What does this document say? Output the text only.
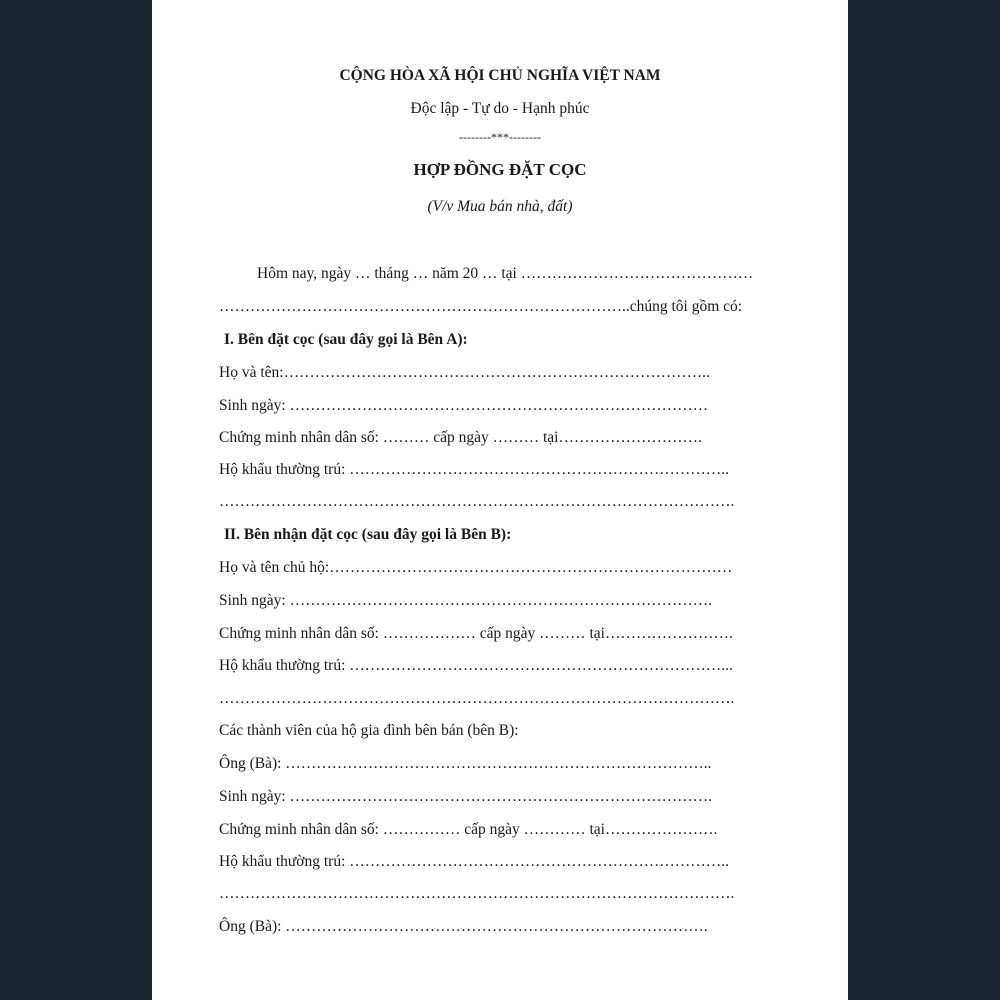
CỘNG HÒA XÃ HỘI CHỦ NGHĨA VIỆT NAM
Độc lập - Tự do - Hạnh phúc
--------***--------
HỢP ĐỒNG ĐẶT CỌC
(V/v Mua bán nhà, đất)
Hôm nay, ngày … tháng … năm 20 … tại ………………………………………
……………………………………………………………………..chúng tôi gồm có:
I. Bên đặt cọc (sau đây gọi là Bên A):
Họ và tên:………………………………………………………………………..
Sinh ngày: ………………………………………………………………………
Chứng minh nhân dân số: ……… cấp ngày ……… tại……………………….
Hộ khẩu thường trú: ………………………………………………………………..
……………………………………………………………………………………….
II. Bên nhận đặt cọc (sau đây gọi là Bên B):
Họ và tên chủ hộ:……………………………………………………………………
Sinh ngày: ……………………………………………………………………….
Chứng minh nhân dân số: ……………… cấp ngày ……… tại…………………….
Hộ khẩu thường trú: ………………………………………………………………...
……………………………………………………………………………………….
Các thành viên của hộ gia đình bên bán (bên B):
Ông (Bà): ………………………………………………………………………..
Sinh ngày: ……………………………………………………………………….
Chứng minh nhân dân số: …………… cấp ngày ………… tại………………….
Hộ khẩu thường trú: ………………………………………………………………..
……………………………………………………………………………………….
Ông (Bà): ……………………………………………………………………….
